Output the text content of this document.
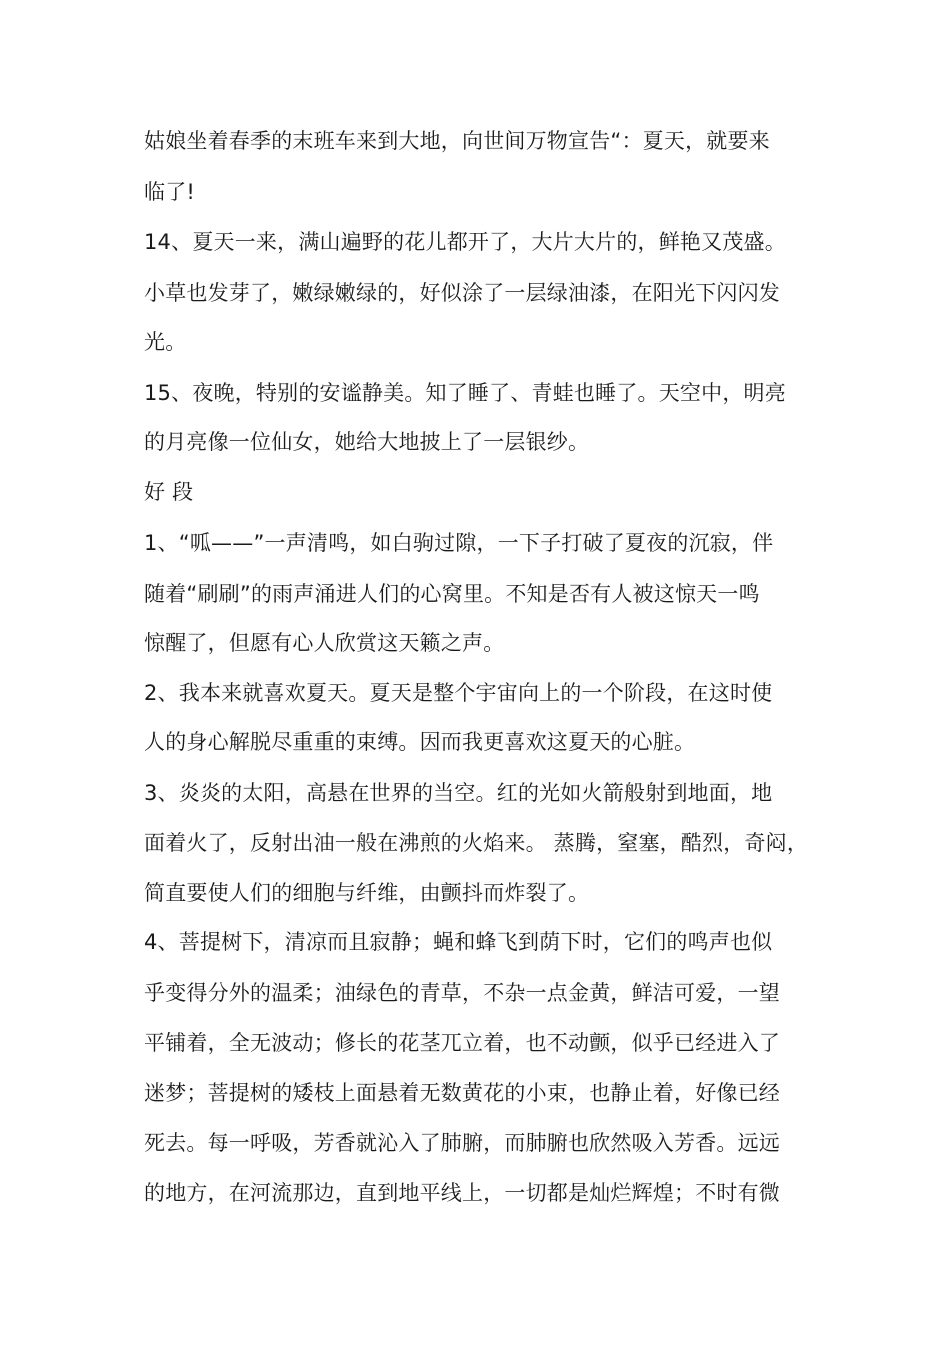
姑娘坐着春季的末班车来到大地，向世间万物宣告“：夏天，就要来
临了!
14、夏天一来，满山遍野的花儿都开了，大片大片的，鲜艳又茂盛。
小草也发芽了，嫩绿嫩绿的，好似涂了一层绿油漆，在阳光下闪闪发
光。
15、夜晚，特别的安谧静美。知了睡了、青蛙也睡了。天空中，明亮
的月亮像一位仙女，她给大地披上了一层银纱。
好 段
1、“呱——”一声清鸣，如白驹过隙，一下子打破了夏夜的沉寂，伴
随着“刷刷”的雨声涌进人们的心窝里。不知是否有人被这惊天一鸣
惊醒了，但愿有心人欣赏这天籁之声。
2、我本来就喜欢夏天。夏天是整个宇宙向上的一个阶段，在这时使
人的身心解脱尽重重的束缚。因而我更喜欢这夏天的心脏。
3、炎炎的太阳，高悬在世界的当空。红的光如火箭般射到地面，地
面着火了，反射出油一般在沸煎的火焰来。 蒸腾，窒塞，酷烈，奇闷，
简直要使人们的细胞与纤维，由颤抖而炸裂了。
4、菩提树下，清凉而且寂静；蝇和蜂飞到荫下时，它们的鸣声也似
乎变得分外的温柔；油绿色的青草，不杂一点金黄，鲜洁可爱，一望
平铺着，全无波动；修长的花茎兀立着，也不动颤，似乎已经进入了
迷梦；菩提树的矮枝上面悬着无数黄花的小束，也静止着，好像已经
死去。每一呼吸，芳香就沁入了肺腑，而肺腑也欣然吸入芳香。远远
的地方，在河流那边，直到地平线上，一切都是灿烂辉煌；不时有微
